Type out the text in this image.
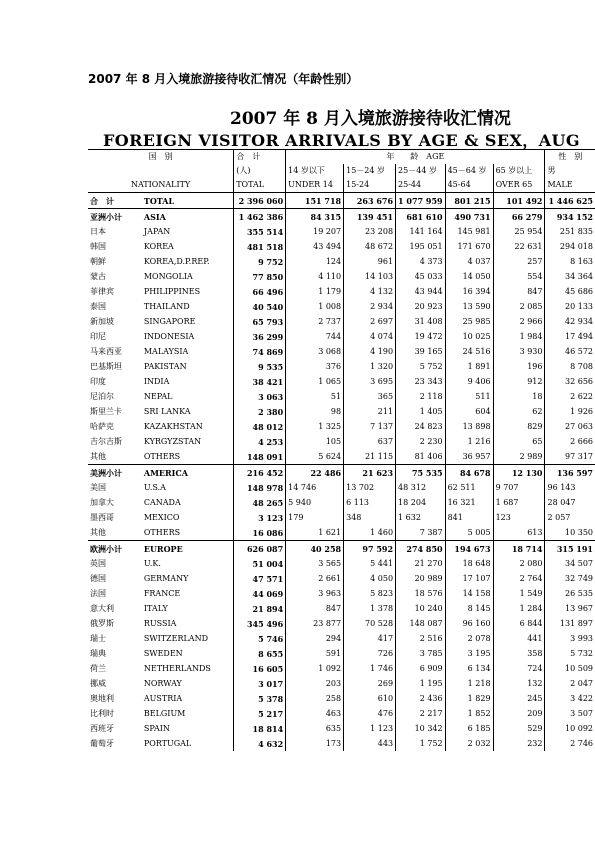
2007 年 8 月入境旅游接待收汇情况（年龄性别）
2007 年 8 月入境旅游接待收汇情况
FOREIGN VISITOR ARRIVALS BY AGE & SEX，AUG
国　别		合　计	年　　龄　AGE					性　别
		(人)	14 岁以下	15－24 岁	25－44 岁	45－64 岁	65 岁以上	男
NATIONALITY		TOTAL	UNDER 14	15-24	25-44	45-64	OVER 65	MALE
合　计	TOTAL	2 396 060	151 718	263 676	1 077 959	801 215	101 492	1 446 625
亚洲小计	ASIA	1 462 386	84 315	139 451	681 610	490 731	66 279	934 152
日本	JAPAN	355 514	19 207	23 208	141 164	145 981	25 954	251 835
韩国	KOREA	481 518	43 494	48 672	195 051	171 670	22 631	294 018
朝鲜	KOREA,D.P.REP.	9 752	124	961	4 373	4 037	257	8 163
蒙古	MONGOLIA	77 850	4 110	14 103	45 033	14 050	554	34 364
菲律宾	PHILIPPINES	66 496	1 179	4 132	43 944	16 394	847	45 686
泰国	THAILAND	40 540	1 008	2 934	20 923	13 590	2 085	20 133
新加坡	SINGAPORE	65 793	2 737	2 697	31 408	25 985	2 966	42 934
印尼	INDONESIA	36 299	744	4 074	19 472	10 025	1 984	17 494
马来西亚	MALAYSIA	74 869	3 068	4 190	39 165	24 516	3 930	46 572
巴基斯坦	PAKISTAN	9 535	376	1 320	5 752	1 891	196	8 708
印度	INDIA	38 421	1 065	3 695	23 343	9 406	912	32 656
尼泊尔	NEPAL	3 063	51	365	2 118	511	18	2 622
斯里兰卡	SRI LANKA	2 380	98	211	1 405	604	62	1 926
哈萨克	KAZAKHSTAN	48 012	1 325	7 137	24 823	13 898	829	27 063
吉尔吉斯	KYRGYZSTAN	4 253	105	637	2 230	1 216	65	2 666
其他	OTHERS	148 091	5 624	21 115	81 406	36 957	2 989	97 317
美洲小计	AMERICA	216 452	22 486	21 623	75 535	84 678	12 130	136 597
美国	U.S.A	148 978	14 746	13 702	48 312	62 511	9 707	96 143
加拿大	CANADA	48 265	5 940	6 113	18 204	16 321	1 687	28 047
墨西哥	MEXICO	3 123	179	348	1 632	841	123	2 057
其他	OTHERS	16 086	1 621	1 460	7 387	5 005	613	10 350
欧洲小计	EUROPE	626 087	40 258	97 592	274 850	194 673	18 714	315 191
英国	U.K.	51 004	3 565	5 441	21 270	18 648	2 080	34 507
德国	GERMANY	47 571	2 661	4 050	20 989	17 107	2 764	32 749
法国	FRANCE	44 069	3 963	5 823	18 576	14 158	1 549	26 535
意大利	ITALY	21 894	847	1 378	10 240	8 145	1 284	13 967
俄罗斯	RUSSIA	345 496	23 877	70 528	148 087	96 160	6 844	131 897
瑞士	SWITZERLAND	5 746	294	417	2 516	2 078	441	3 993
瑞典	SWEDEN	8 655	591	726	3 785	3 195	358	5 732
荷兰	NETHERLANDS	16 605	1 092	1 746	6 909	6 134	724	10 509
挪威	NORWAY	3 017	203	269	1 195	1 218	132	2 047
奥地利	AUSTRIA	5 378	258	610	2 436	1 829	245	3 422
比利时	BELGIUM	5 217	463	476	2 217	1 852	209	3 507
西班牙	SPAIN	18 814	635	1 123	10 342	6 185	529	10 092
葡萄牙	PORTUGAL	4 632	173	443	1 752	2 032	232	2 746
